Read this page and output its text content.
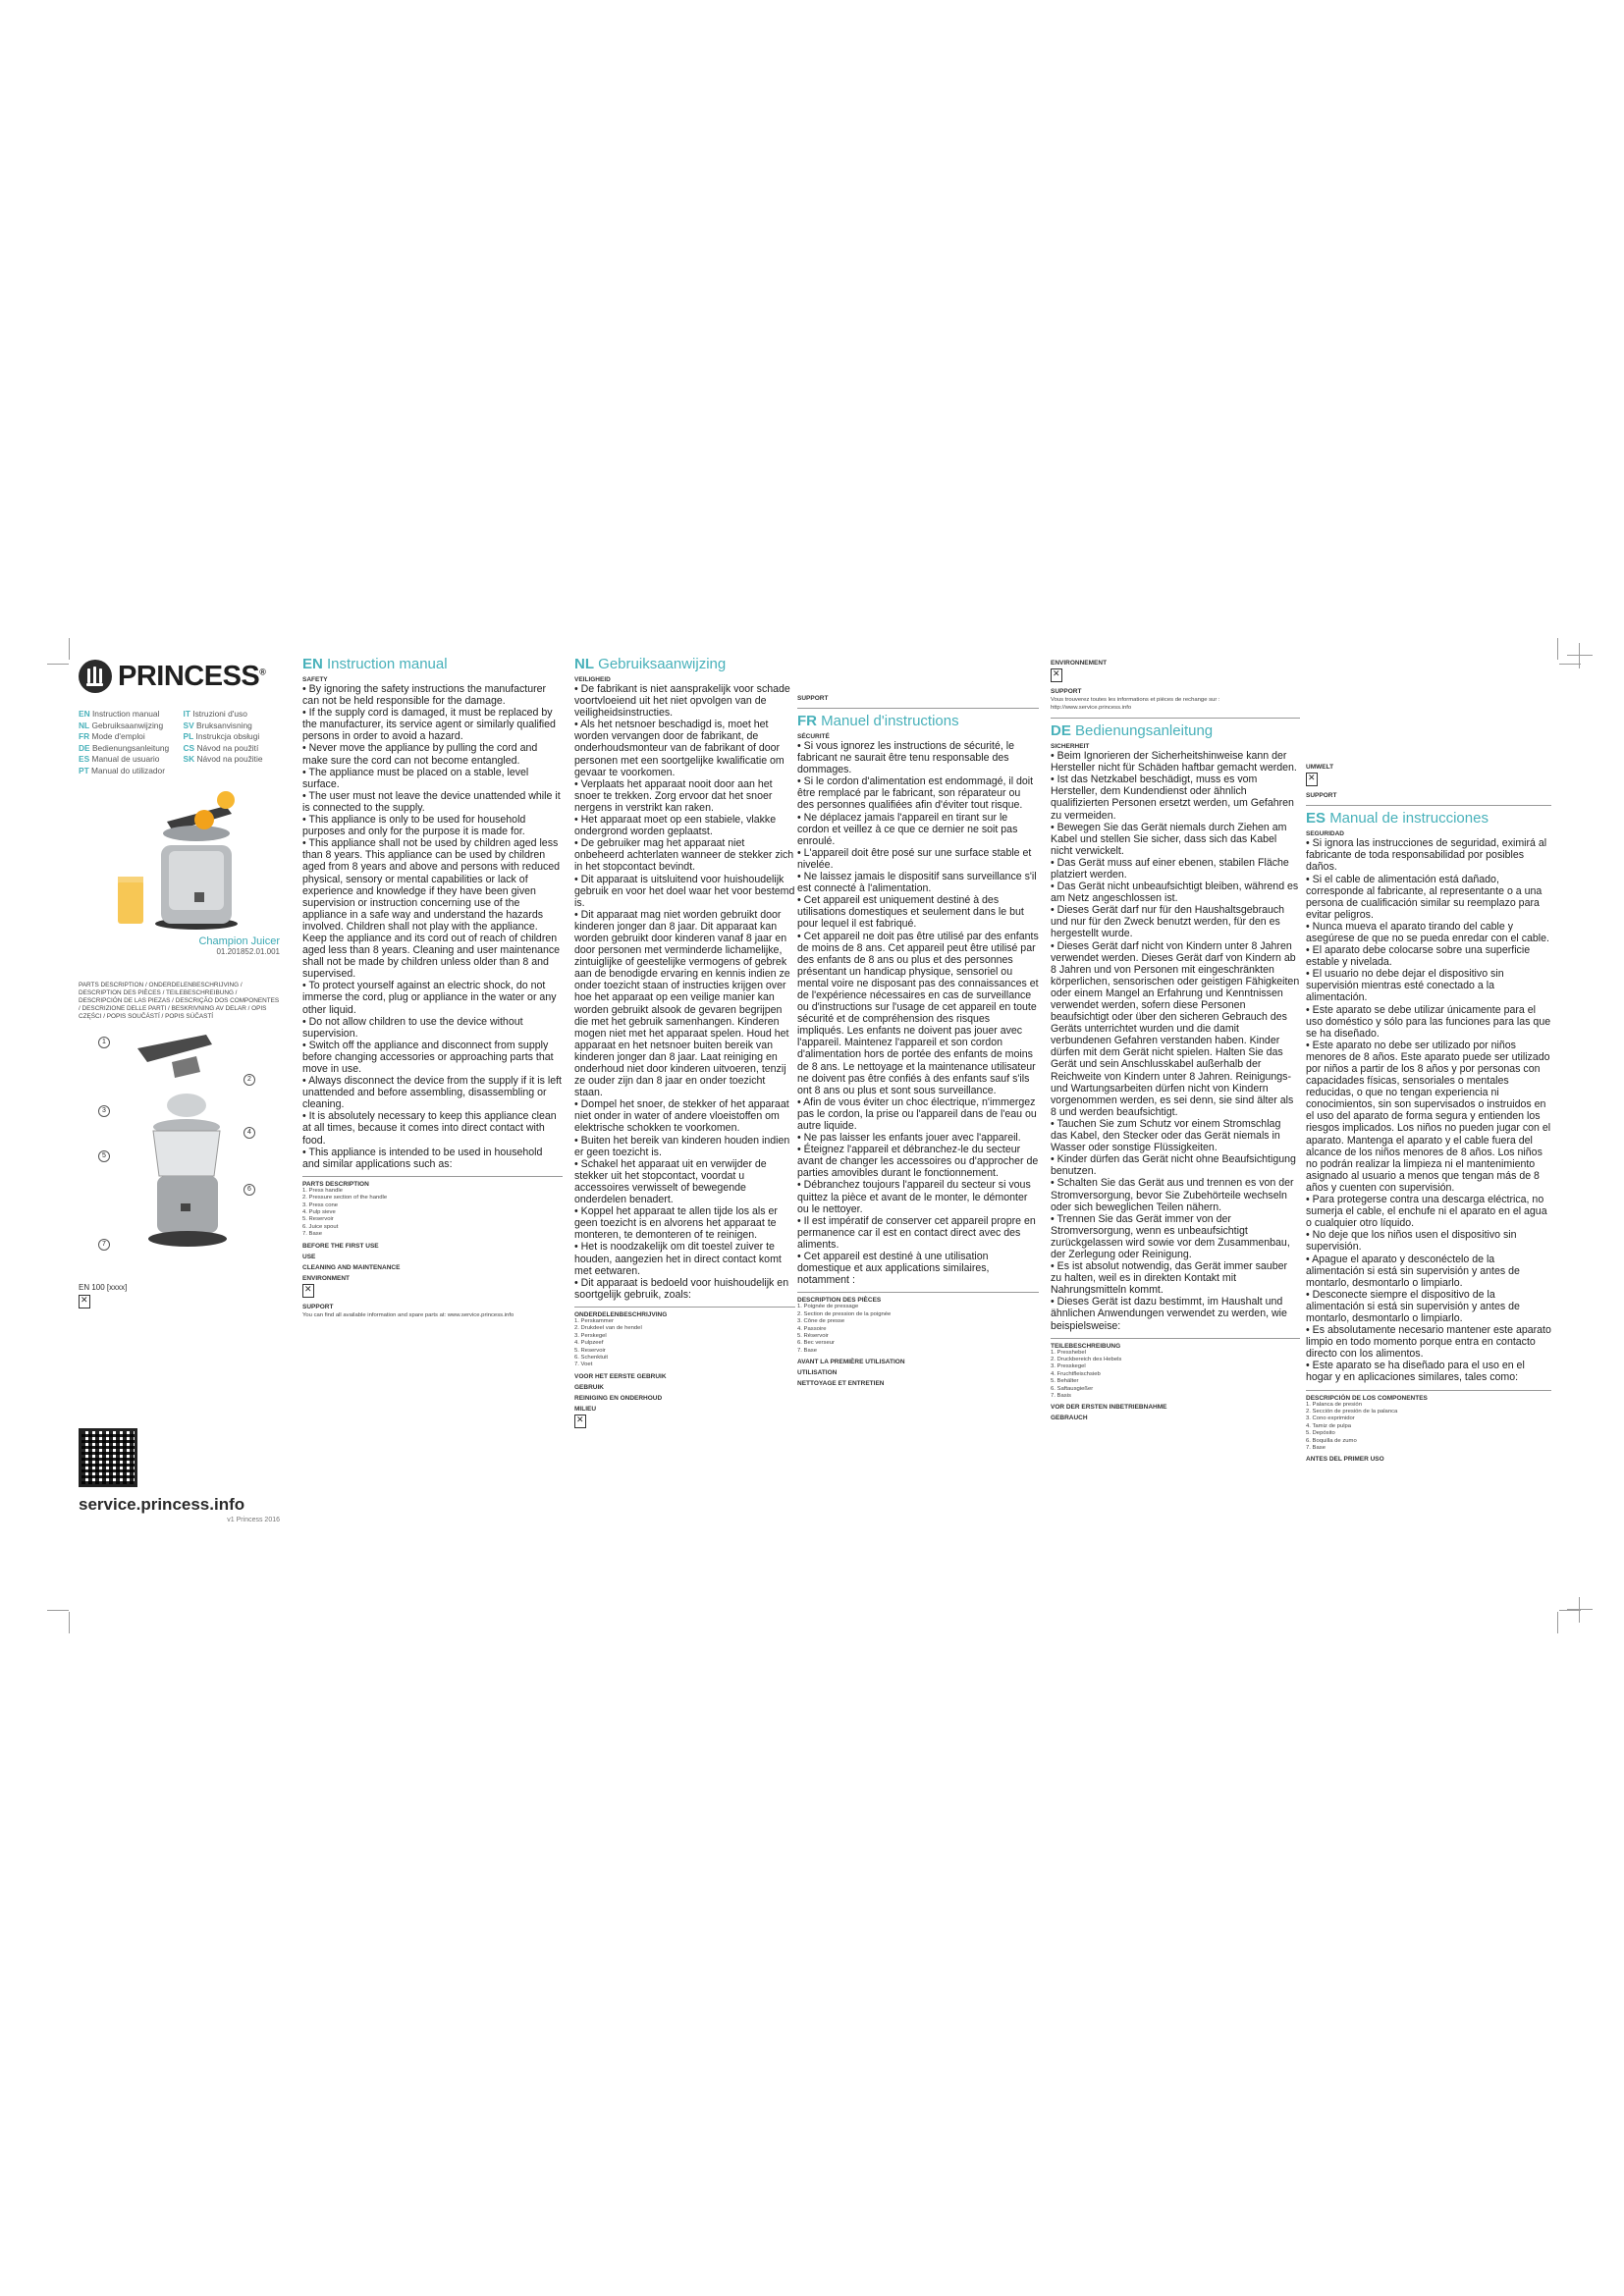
PRINCESS®
EN Instruction manual	IT Istruzioni d'uso
NL Gebruiksaanwijzing	SV Bruksanvisning
FR Mode d'emploi	PL Instrukcja obsługi
DE Bedienungsanleitung	CS Návod na použití
ES Manual de usuario	SK Návod na použitie
PT Manual do utilizador
Champion Juicer
01.201852.01.001
PARTS DESCRIPTION / ONDERDELENBESCHRIJVING / DESCRIPTION DES PIÈCES / TEILEBESCHREIBUNG / DESCRIPCIÓN DE LAS PIEZAS / DESCRIÇÃO DOS COMPONENTES / DESCRIZIONE DELLE PARTI / BESKRIVNING AV DELAR / OPIS CZĘŚCI / POPIS SOUČÁSTÍ / POPIS SÚČASTÍ
1
2
3
4
5
6
7
EN 100 [xxxx]
✕
service.princess.info
v1 Princess 2016
EN Instruction manual
SAFETY

• By ignoring the safety instructions the manufacturer can not be held responsible for the damage.

• If the supply cord is damaged, it must be replaced by the manufacturer, its service agent or similarly qualified persons in order to avoid a hazard.

• Never move the appliance by pulling the cord and make sure the cord can not become entangled.

• The appliance must be placed on a stable, level surface.

• The user must not leave the device unattended while it is connected to the supply.

• This appliance is only to be used for household purposes and only for the purpose it is made for.

• This appliance shall not be used by children aged less than 8 years. This appliance can be used by children aged from 8 years and above and persons with reduced physical, sensory or mental capabilities or lack of experience and knowledge if they have been given supervision or instruction concerning use of the appliance in a safe way and understand the hazards involved. Children shall not play with the appliance. Keep the appliance and its cord out of reach of children aged less than 8 years. Cleaning and user maintenance shall not be made by children unless older than 8 and supervised.

• To protect yourself against an electric shock, do not immerse the cord, plug or appliance in the water or any other liquid.

• Do not allow children to use the device without supervision.

• Switch off the appliance and disconnect from supply before changing accessories or approaching parts that move in use.

• Always disconnect the device from the supply if it is left unattended and before assembling, disassembling or cleaning.

• It is absolutely necessary to keep this appliance clean at all times, because it comes into direct contact with food.

• This appliance is intended to be used in household and similar applications such as:

PARTS DESCRIPTION

1. Press handle

2. Pressure section of the handle

3. Press cone

4. Pulp sieve

5. Reservoir

6. Juice spout

7. Base

BEFORE THE FIRST USE
USE
CLEANING AND MAINTENANCE
ENVIRONMENT
✕
SUPPORT

You can find all available information and spare parts at: www.service.princess.info

NL Gebruiksaanwijzing
VEILIGHEID

• De fabrikant is niet aansprakelijk voor schade voortvloeiend uit het niet opvolgen van de veiligheidsinstructies.

• Als het netsnoer beschadigd is, moet het worden vervangen door de fabrikant, de onderhoudsmonteur van de fabrikant of door personen met een soortgelijke kwalificatie om gevaar te voorkomen.

• Verplaats het apparaat nooit door aan het snoer te trekken. Zorg ervoor dat het snoer nergens in verstrikt kan raken.

• Het apparaat moet op een stabiele, vlakke ondergrond worden geplaatst.

• De gebruiker mag het apparaat niet onbeheerd achterlaten wanneer de stekker zich in het stopcontact bevindt.

• Dit apparaat is uitsluitend voor huishoudelijk gebruik en voor het doel waar het voor bestemd is.

• Dit apparaat mag niet worden gebruikt door kinderen jonger dan 8 jaar. Dit apparaat kan worden gebruikt door kinderen vanaf 8 jaar en door personen met verminderde lichamelijke, zintuiglijke of geestelijke vermogens of gebrek aan de benodigde ervaring en kennis indien ze onder toezicht staan of instructies krijgen over hoe het apparaat op een veilige manier kan worden gebruikt alsook de gevaren begrijpen die met het gebruik samenhangen. Kinderen mogen niet met het apparaat spelen. Houd het apparaat en het netsnoer buiten bereik van kinderen jonger dan 8 jaar. Laat reiniging en onderhoud niet door kinderen uitvoeren, tenzij ze ouder zijn dan 8 jaar en onder toezicht staan.

• Dompel het snoer, de stekker of het apparaat niet onder in water of andere vloeistoffen om elektrische schokken te voorkomen.

• Buiten het bereik van kinderen houden indien er geen toezicht is.

• Schakel het apparaat uit en verwijder de stekker uit het stopcontact, voordat u accessoires verwisselt of bewegende onderdelen benadert.

• Koppel het apparaat te allen tijde los als er geen toezicht is en alvorens het apparaat te monteren, te demonteren of te reinigen.

• Het is noodzakelijk om dit toestel zuiver te houden, aangezien het in direct contact komt met eetwaren.

• Dit apparaat is bedoeld voor huishoudelijk en soortgelijk gebruik, zoals:

ONDERDELENBESCHRIJVING

1. Perskammer

2. Drukdeel van de hendel

3. Perskegel

4. Pulpzeef

5. Reservoir

6. Schenktuit

7. Voet

VOOR HET EERSTE GEBRUIK
GEBRUIK
REINIGING EN ONDERHOUD
MILIEU
✕
SUPPORT
FR Manuel d'instructions
SÉCURITÉ

• Si vous ignorez les instructions de sécurité, le fabricant ne saurait être tenu responsable des dommages.

• Si le cordon d'alimentation est endommagé, il doit être remplacé par le fabricant, son réparateur ou des personnes qualifiées afin d'éviter tout risque.

• Ne déplacez jamais l'appareil en tirant sur le cordon et veillez à ce que ce dernier ne soit pas enroulé.

• L'appareil doit être posé sur une surface stable et nivelée.

• Ne laissez jamais le dispositif sans surveillance s'il est connecté à l'alimentation.

• Cet appareil est uniquement destiné à des utilisations domestiques et seulement dans le but pour lequel il est fabriqué.

• Cet appareil ne doit pas être utilisé par des enfants de moins de 8 ans. Cet appareil peut être utilisé par des enfants de 8 ans ou plus et des personnes présentant un handicap physique, sensoriel ou mental voire ne disposant pas des connaissances et de l'expérience nécessaires en cas de surveillance ou d'instructions sur l'usage de cet appareil en toute sécurité et de compréhension des risques impliqués. Les enfants ne doivent pas jouer avec l'appareil. Maintenez l'appareil et son cordon d'alimentation hors de portée des enfants de moins de 8 ans. Le nettoyage et la maintenance utilisateur ne doivent pas être confiés à des enfants sauf s'ils ont 8 ans ou plus et sont sous surveillance.

• Afin de vous éviter un choc électrique, n'immergez pas le cordon, la prise ou l'appareil dans de l'eau ou autre liquide.

• Ne pas laisser les enfants jouer avec l'appareil.

• Éteignez l'appareil et débranchez-le du secteur avant de changer les accessoires ou d'approcher de parties amovibles durant le fonctionnement.

• Débranchez toujours l'appareil du secteur si vous quittez la pièce et avant de le monter, le démonter ou le nettoyer.

• Il est impératif de conserver cet appareil propre en permanence car il est en contact direct avec des aliments.

• Cet appareil est destiné à une utilisation domestique et aux applications similaires, notamment :

DESCRIPTION DES PIÈCES

1. Poignée de pressage

2. Section de pression de la poignée

3. Cône de presse

4. Passoire

5. Réservoir

6. Bec verseur

7. Base

AVANT LA PREMIÈRE UTILISATION
UTILISATION
NETTOYAGE ET ENTRETIEN
ENVIRONNEMENT
✕
SUPPORT

Vous trouverez toutes les informations et pièces de rechange sur : http://www.service.princess.info

DE Bedienungsanleitung
SICHERHEIT

• Beim Ignorieren der Sicherheitshinweise kann der Hersteller nicht für Schäden haftbar gemacht werden.

• Ist das Netzkabel beschädigt, muss es vom Hersteller, dem Kundendienst oder ähnlich qualifizierten Personen ersetzt werden, um Gefahren zu vermeiden.

• Bewegen Sie das Gerät niemals durch Ziehen am Kabel und stellen Sie sicher, dass sich das Kabel nicht verwickelt.

• Das Gerät muss auf einer ebenen, stabilen Fläche platziert werden.

• Das Gerät nicht unbeaufsichtigt bleiben, während es am Netz angeschlossen ist.

• Dieses Gerät darf nur für den Haushaltsgebrauch und nur für den Zweck benutzt werden, für den es hergestellt wurde.

• Dieses Gerät darf nicht von Kindern unter 8 Jahren verwendet werden. Dieses Gerät darf von Kindern ab 8 Jahren und von Personen mit eingeschränkten körperlichen, sensorischen oder geistigen Fähigkeiten oder einem Mangel an Erfahrung und Kenntnissen verwendet werden, sofern diese Personen beaufsichtigt oder über den sicheren Gebrauch des Geräts unterrichtet wurden und die damit verbundenen Gefahren verstanden haben. Kinder dürfen mit dem Gerät nicht spielen. Halten Sie das Gerät und sein Anschlusskabel außerhalb der Reichweite von Kindern unter 8 Jahren. Reinigungs- und Wartungsarbeiten dürfen nicht von Kindern vorgenommen werden, es sei denn, sie sind älter als 8 und werden beaufsichtigt.

• Tauchen Sie zum Schutz vor einem Stromschlag das Kabel, den Stecker oder das Gerät niemals in Wasser oder sonstige Flüssigkeiten.

• Kinder dürfen das Gerät nicht ohne Beaufsichtigung benutzen.

• Schalten Sie das Gerät aus und trennen es von der Stromversorgung, bevor Sie Zubehörteile wechseln oder sich beweglichen Teilen nähern.

• Trennen Sie das Gerät immer von der Stromversorgung, wenn es unbeaufsichtigt zurückgelassen wird sowie vor dem Zusammenbau, der Zerlegung oder Reinigung.

• Es ist absolut notwendig, das Gerät immer sauber zu halten, weil es in direkten Kontakt mit Nahrungsmitteln kommt.

• Dieses Gerät ist dazu bestimmt, im Haushalt und ähnlichen Anwendungen verwendet zu werden, wie beispielsweise:

TEILEBESCHREIBUNG

1. Presshebel

2. Druckbereich des Hebels

3. Presskegel

4. Fruchtfleischsieb

5. Behälter

6. Saftausgießer

7. Basis

VOR DER ERSTEN INBETRIEBNAHME
GEBRAUCH
UMWELT
✕
SUPPORT
ES Manual de instrucciones
SEGURIDAD

• Si ignora las instrucciones de seguridad, eximirá al fabricante de toda responsabilidad por posibles daños.

• Si el cable de alimentación está dañado, corresponde al fabricante, al representante o a una persona de cualificación similar su reemplazo para evitar peligros.

• Nunca mueva el aparato tirando del cable y asegúrese de que no se pueda enredar con el cable.

• El aparato debe colocarse sobre una superficie estable y nivelada.

• El usuario no debe dejar el dispositivo sin supervisión mientras esté conectado a la alimentación.

• Este aparato se debe utilizar únicamente para el uso doméstico y sólo para las funciones para las que se ha diseñado.

• Este aparato no debe ser utilizado por niños menores de 8 años. Este aparato puede ser utilizado por niños a partir de los 8 años y por personas con capacidades físicas, sensoriales o mentales reducidas, o que no tengan experiencia ni conocimientos, sin son supervisados o instruidos en el uso del aparato de forma segura y entienden los riesgos implicados. Los niños no pueden jugar con el aparato. Mantenga el aparato y el cable fuera del alcance de los niños menores de 8 años. Los niños no podrán realizar la limpieza ni el mantenimiento asignado al usuario a menos que tengan más de 8 años y cuenten con supervisión.

• Para protegerse contra una descarga eléctrica, no sumerja el cable, el enchufe ni el aparato en el agua o cualquier otro líquido.

• No deje que los niños usen el dispositivo sin supervisión.

• Apague el aparato y desconéctelo de la alimentación si está sin supervisión y antes de montarlo, desmontarlo o limpiarlo.

• Desconecte siempre el dispositivo de la alimentación si está sin supervisión y antes de montarlo, desmontarlo o limpiarlo.

• Es absolutamente necesario mantener este aparato limpio en todo momento porque entra en contacto directo con los alimentos.

• Este aparato se ha diseñado para el uso en el hogar y en aplicaciones similares, tales como:

DESCRIPCIÓN DE LOS COMPONENTES

1. Palanca de presión

2. Sección de presión de la palanca

3. Cono exprimidor

4. Tamiz de pulpa

5. Depósito

6. Boquilla de zumo

7. Base

ANTES DEL PRIMER USO
